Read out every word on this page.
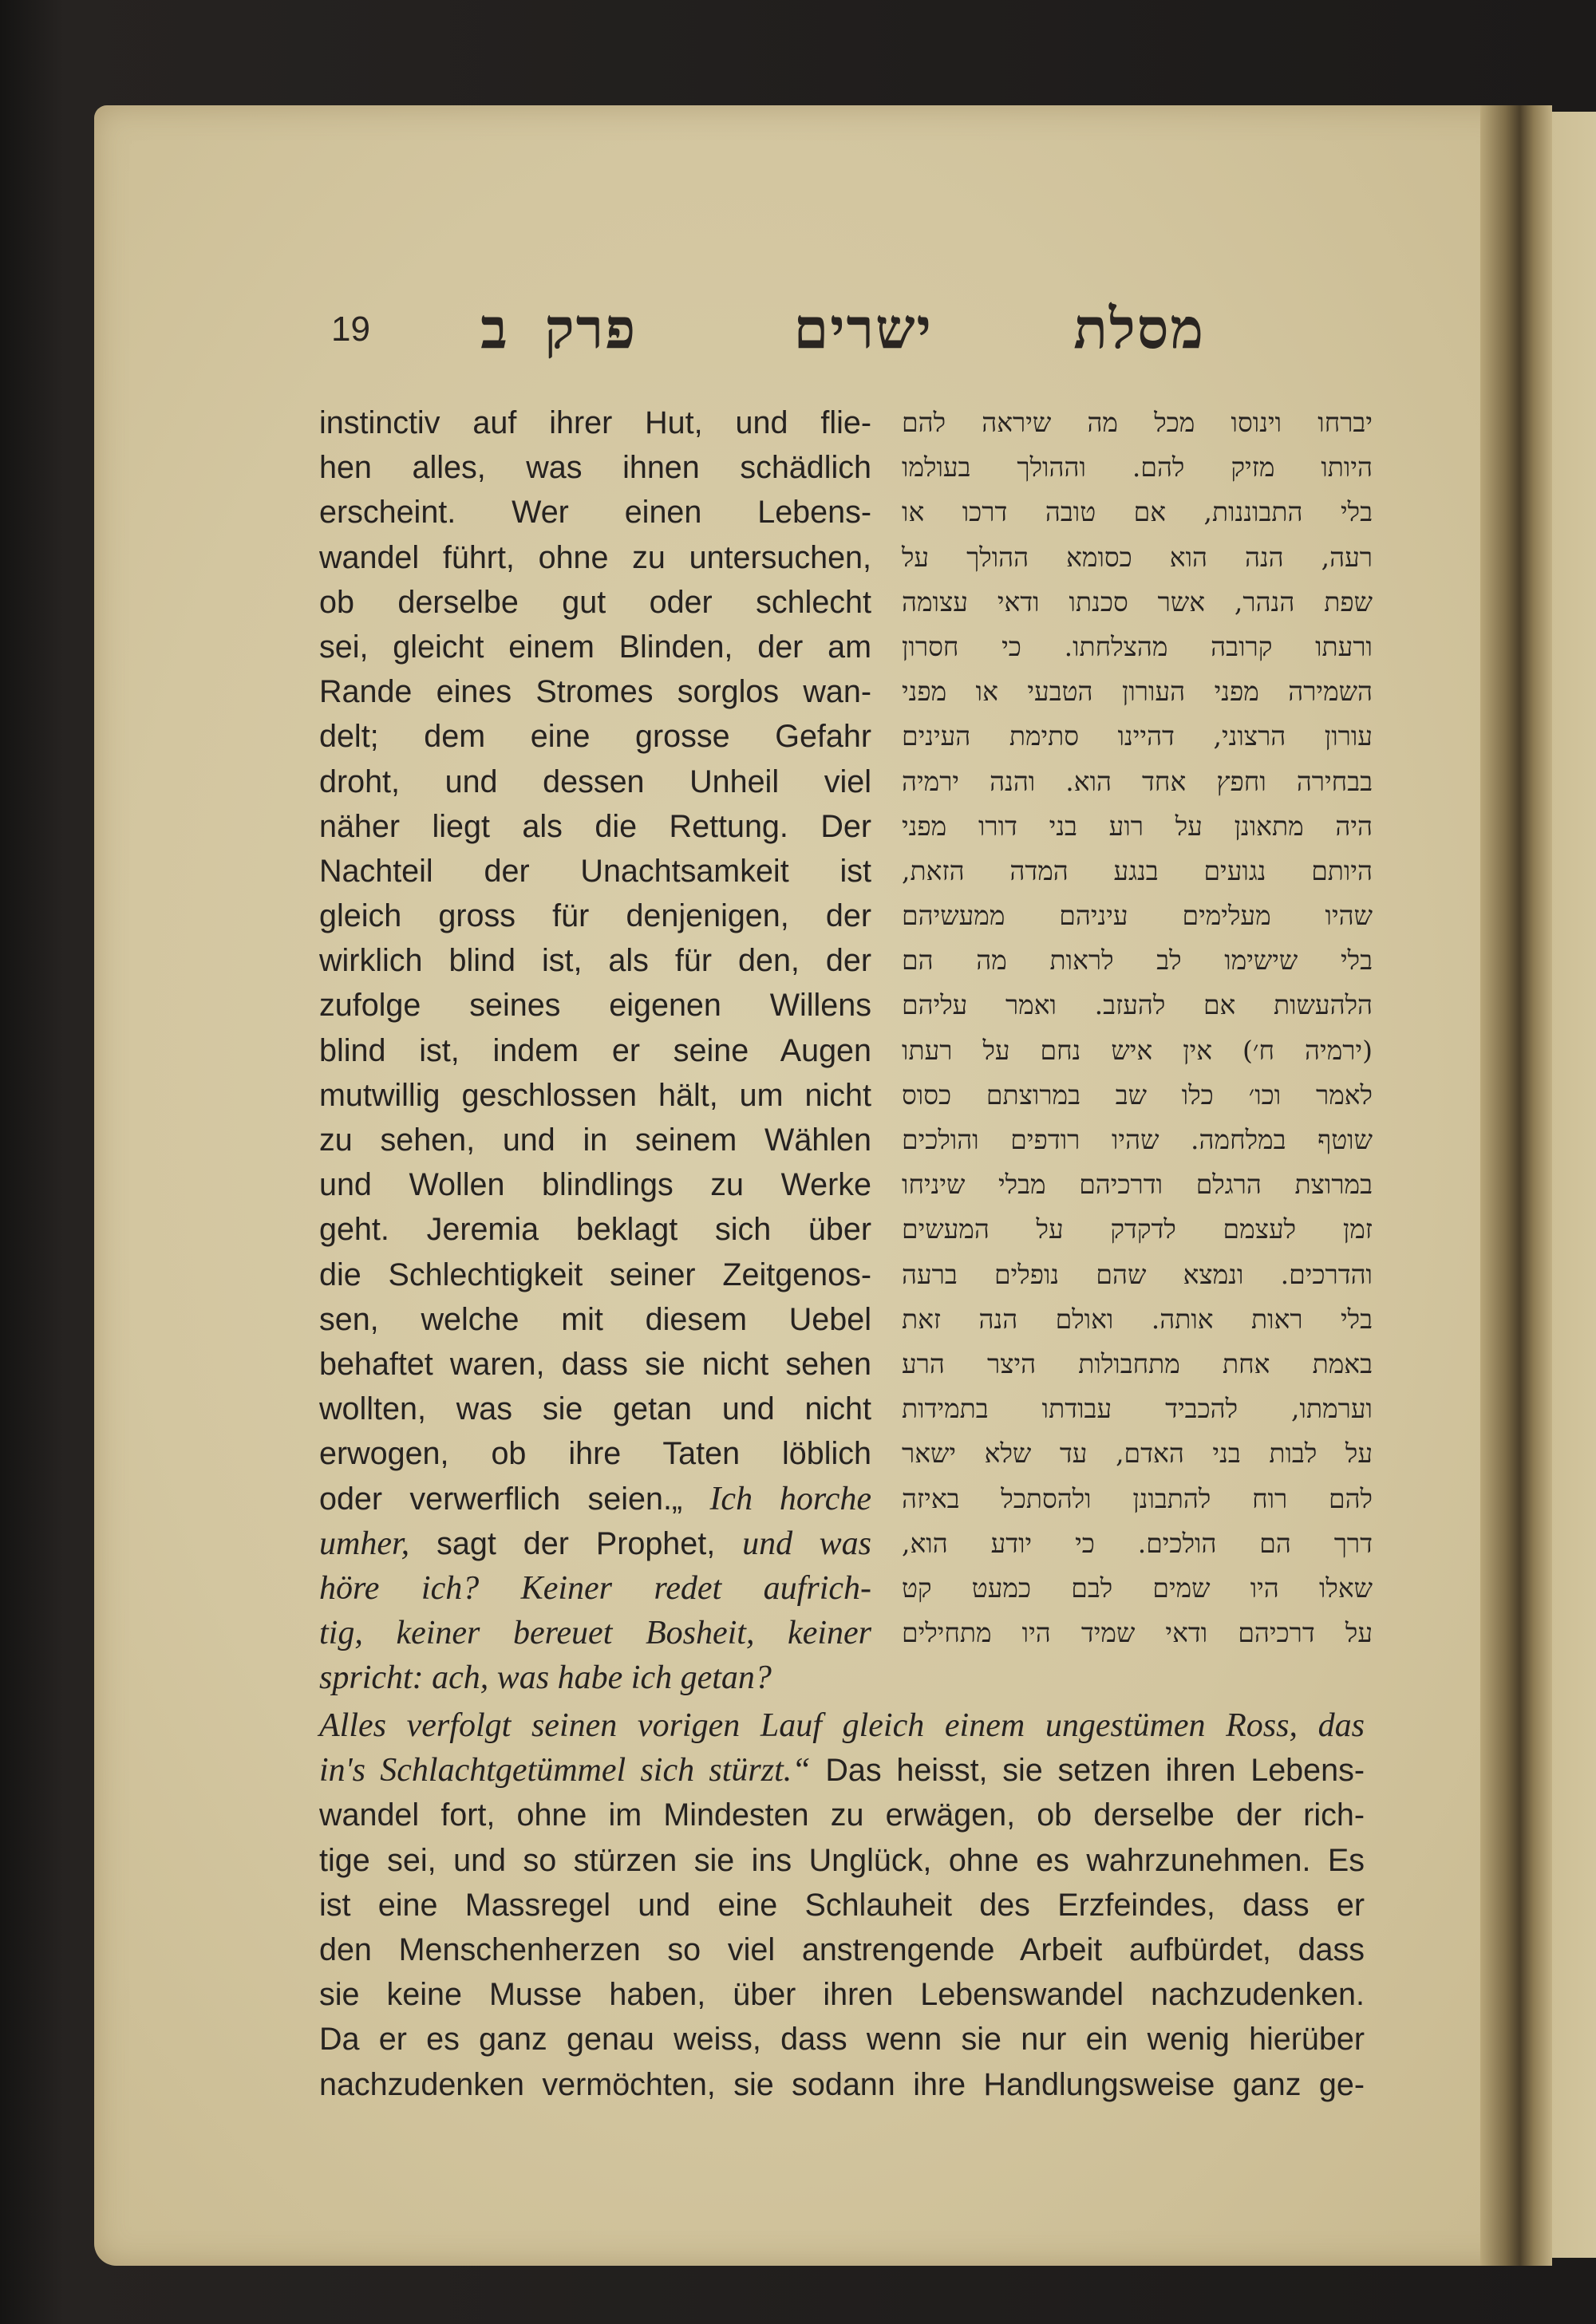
19	מסלת ישרים פרק ב
instinctiv auf ihrer Hut, und flie-
hen alles, was ihnen schädlich
erscheint. Wer einen Lebens-
wandel führt, ohne zu untersuchen,
ob derselbe gut oder schlecht
sei, gleicht einem Blinden, der am
Rande eines Stromes sorglos wan-
delt; dem eine grosse Gefahr
droht, und dessen Unheil viel
näher liegt als die Rettung. Der
Nachteil der Unachtsamkeit ist
gleich gross für denjenigen, der
wirklich blind ist, als für den, der
zufolge seines eigenen Willens
blind ist, indem er seine Augen
mutwillig geschlossen hält, um nicht
zu sehen, und in seinem Wählen
und Wollen blindlings zu Werke
geht. Jeremia beklagt sich über
die Schlechtigkeit seiner Zeitgenos-
sen, welche mit diesem Uebel
behaftet waren, dass sie nicht sehen
wollten, was sie getan und nicht
erwogen, ob ihre Taten löblich
oder verwerflich seien.„ Ich horche
umher, sagt der Prophet, und was
höre ich? Keiner redet aufrich-
tig, keiner bereuet Bosheit, keiner
spricht: ach, was habe ich getan?
יברחו וינוסו מכל מה שיראה להם
היותו מזיק להם. וההולך בעולמו
בלי התבוננות, אם טובה דרכו או
רעה, הנה הוא כסומא ההולך על
שפת הנהר, אשר סכנתו ודאי עצומה
ורעתו קרובה מהצלחתו. כי חסרון
השמירה מפני העורון הטבעי או מפני
עורון הרצוני, דהיינו סתימת העינים
בבחירה וחפץ אחד הוא. והנה ירמיה
היה מתאונן על רוע בני דורו מפני
היותם נגועים בנגע המדה הזאת,
שהיו מעלימים עיניהם ממעשיהם
בלי שישימו לב לראות מה הם
הלהעשות אם להעזב. ואמר עליהם
(ירמיה ח׳) אין איש נחם על רעתו
לאמר וכו׳ כלו שב במרוצתם כסוס
שוטף במלחמה. שהיו רודפים והולכים
במרוצת הרגלם ודרכיהם מבלי שיניחו
זמן לעצמם לדקדק על המעשים
והדרכים. ונמצא שהם נופלים ברעה
בלי ראות אותה. ואולם הנה זאת
באמת אחת מתחבולות היצר הרע
וערמתו, להכביד עבודתו בתמידות
על לבות בני האדם, עד שלא ישאר
להם רוח להתבונן ולהסתכל באיזה
דרך הם הולכים. כי יודע הוא,
שאלו היו שמים לבם כמעט קט
על דרכיהם ודאי שמיד היו מתחילים
Alles verfolgt seinen vorigen Lauf gleich einem ungestümen Ross, das
in's Schlachtgetümmel sich stürzt.“ Das heisst, sie setzen ihren Lebens-
wandel fort, ohne im Mindesten zu erwägen, ob derselbe der rich-
tige sei, und so stürzen sie ins Unglück, ohne es wahrzunehmen. Es
ist eine Massregel und eine Schlauheit des Erzfeindes, dass er
den Menschenherzen so viel anstrengende Arbeit aufbürdet, dass
sie keine Musse haben, über ihren Lebenswandel nachzudenken.
Da er es ganz genau weiss, dass wenn sie nur ein wenig hierüber
nachzudenken vermöchten, sie sodann ihre Handlungsweise ganz ge-
